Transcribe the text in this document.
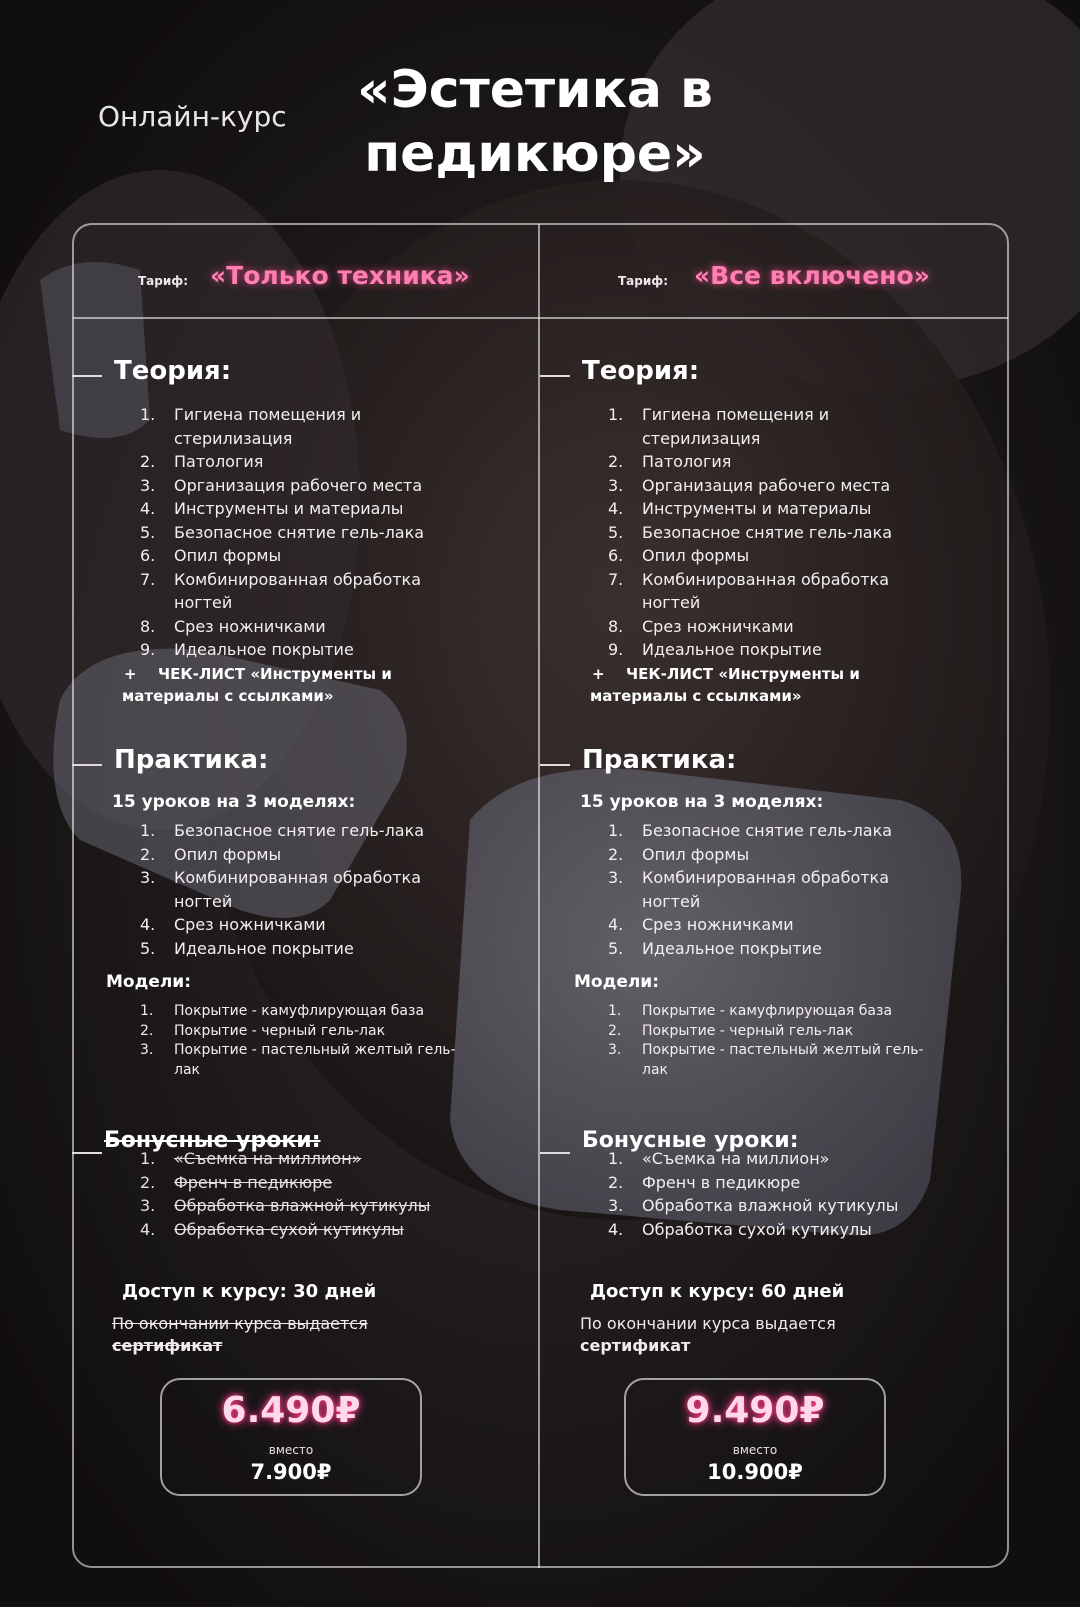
Онлайн-курс	«Эстетика в педикюре»
Тариф: «Только техника»
Теория:
1. Гигиена помещения и стерилизация
2. Патология
3. Организация рабочего места
4. Инструменты и материалы
5. Безопасное снятие гель-лака
6. Опил формы
7. Комбинированная обработка ногтей
8. Срез ножничками
9. Идеальное покрытие
+ ЧЕК-ЛИСТ «Инструменты и материалы с ссылками»
Практика:
15 уроков на 3 моделях:
1. Безопасное снятие гель-лака
2. Опил формы
3. Комбинированная обработка ногтей
4. Срез ножничками
5. Идеальное покрытие
Модели:
1. Покрытие - камуфлирующая база
2. Покрытие - черный гель-лак
3. Покрытие - пастельный желтый гель-лак
Бонусные уроки:
1. «Съемка на миллион»
2. Френч в педикюре
3. Обработка влажной кутикулы
4. Обработка сухой кутикулы
Доступ к курсу: 30 дней
По окончании курса выдается
сертификат
6.490₽
вместо
7.900₽
Тариф: «Все включено»
Теория:
1. Гигиена помещения и стерилизация
2. Патология
3. Организация рабочего места
4. Инструменты и материалы
5. Безопасное снятие гель-лака
6. Опил формы
7. Комбинированная обработка ногтей
8. Срез ножничками
9. Идеальное покрытие
+ ЧЕК-ЛИСТ «Инструменты и материалы с ссылками»
Практика:
15 уроков на 3 моделях:
1. Безопасное снятие гель-лака
2. Опил формы
3. Комбинированная обработка ногтей
4. Срез ножничками
5. Идеальное покрытие
Модели:
1. Покрытие - камуфлирующая база
2. Покрытие - черный гель-лак
3. Покрытие - пастельный желтый гель-лак
Бонусные уроки:
1. «Съемка на миллион»
2. Френч в педикюре
3. Обработка влажной кутикулы
4. Обработка сухой кутикулы
Доступ к курсу: 60 дней
По окончании курса выдается
сертификат
9.490₽
вместо
10.900₽
